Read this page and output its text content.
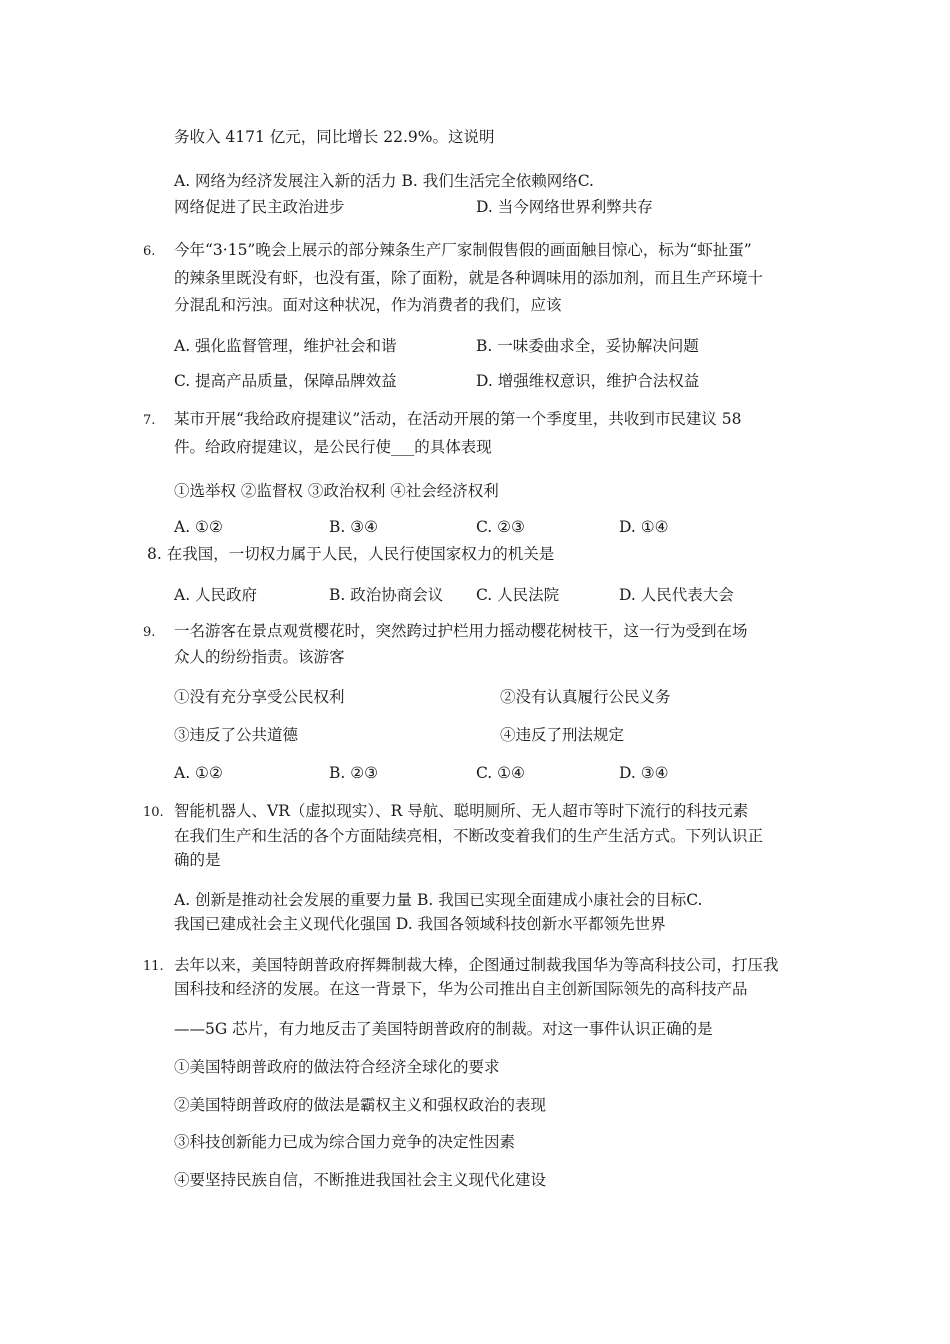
务收入 4171 亿元，同比增长 22.9%。这说明
A. 网络为经济发展注入新的活力 B. 我们生活完全依赖网络C.
网络促进了民主政治进步	D. 当今网络世界利弊共存
6. 今年“3·15”晚会上展示的部分辣条生产厂家制假售假的画面触目惊心，标为“虾扯蛋”
的辣条里既没有虾，也没有蛋，除了面粉，就是各种调味用的添加剂，而且生产环境十
分混乱和污浊。面对这种状况，作为消费者的我们，应该
A. 强化监督管理，维护社会和谐	B. 一味委曲求全，妥协解决问题
C. 提高产品质量，保障品牌效益	D. 增强维权意识，维护合法权益
7. 某市开展“我给政府提建议”活动，在活动开展的第一个季度里，共收到市民建议 58
件。给政府提建议，是公民行使___的具体表现
①选举权 ②监督权 ③政治权利 ④社会经济权利
A. ①②	B. ③④	C. ②③	D. ①④
8. 在我国，一切权力属于人民，人民行使国家权力的机关是
A. 人民政府	B. 政治协商会议 C. 人民法院	D. 人民代表大会
9. 一名游客在景点观赏樱花时，突然跨过护栏用力摇动樱花树枝干，这一行为受到在场
众人的纷纷指责。该游客
①没有充分享受公民权利	②没有认真履行公民义务
③违反了公共道德	④违反了刑法规定
A. ①②	B. ②③	C. ①④	D. ③④
10. 智能机器人、VR（虚拟现实）、R 导航、聪明厕所、无人超市等时下流行的科技元素
在我们生产和生活的各个方面陆续亮相，不断改变着我们的生产生活方式。下列认识正
确的是
A. 创新是推动社会发展的重要力量 B. 我国已实现全面建成小康社会的目标C.
我国已建成社会主义现代化强国 D. 我国各领域科技创新水平都领先世界
11. 去年以来，美国特朗普政府挥舞制裁大棒，企图通过制裁我国华为等高科技公司，打压我
国科技和经济的发展。在这一背景下，华为公司推出自主创新国际领先的高科技产品
——5G 芯片，有力地反击了美国特朗普政府的制裁。对这一事件认识正确的是
①美国特朗普政府的做法符合经济全球化的要求
②美国特朗普政府的做法是霸权主义和强权政治的表现
③科技创新能力已成为综合国力竞争的决定性因素
④要坚持民族自信，不断推进我国社会主义现代化建设
